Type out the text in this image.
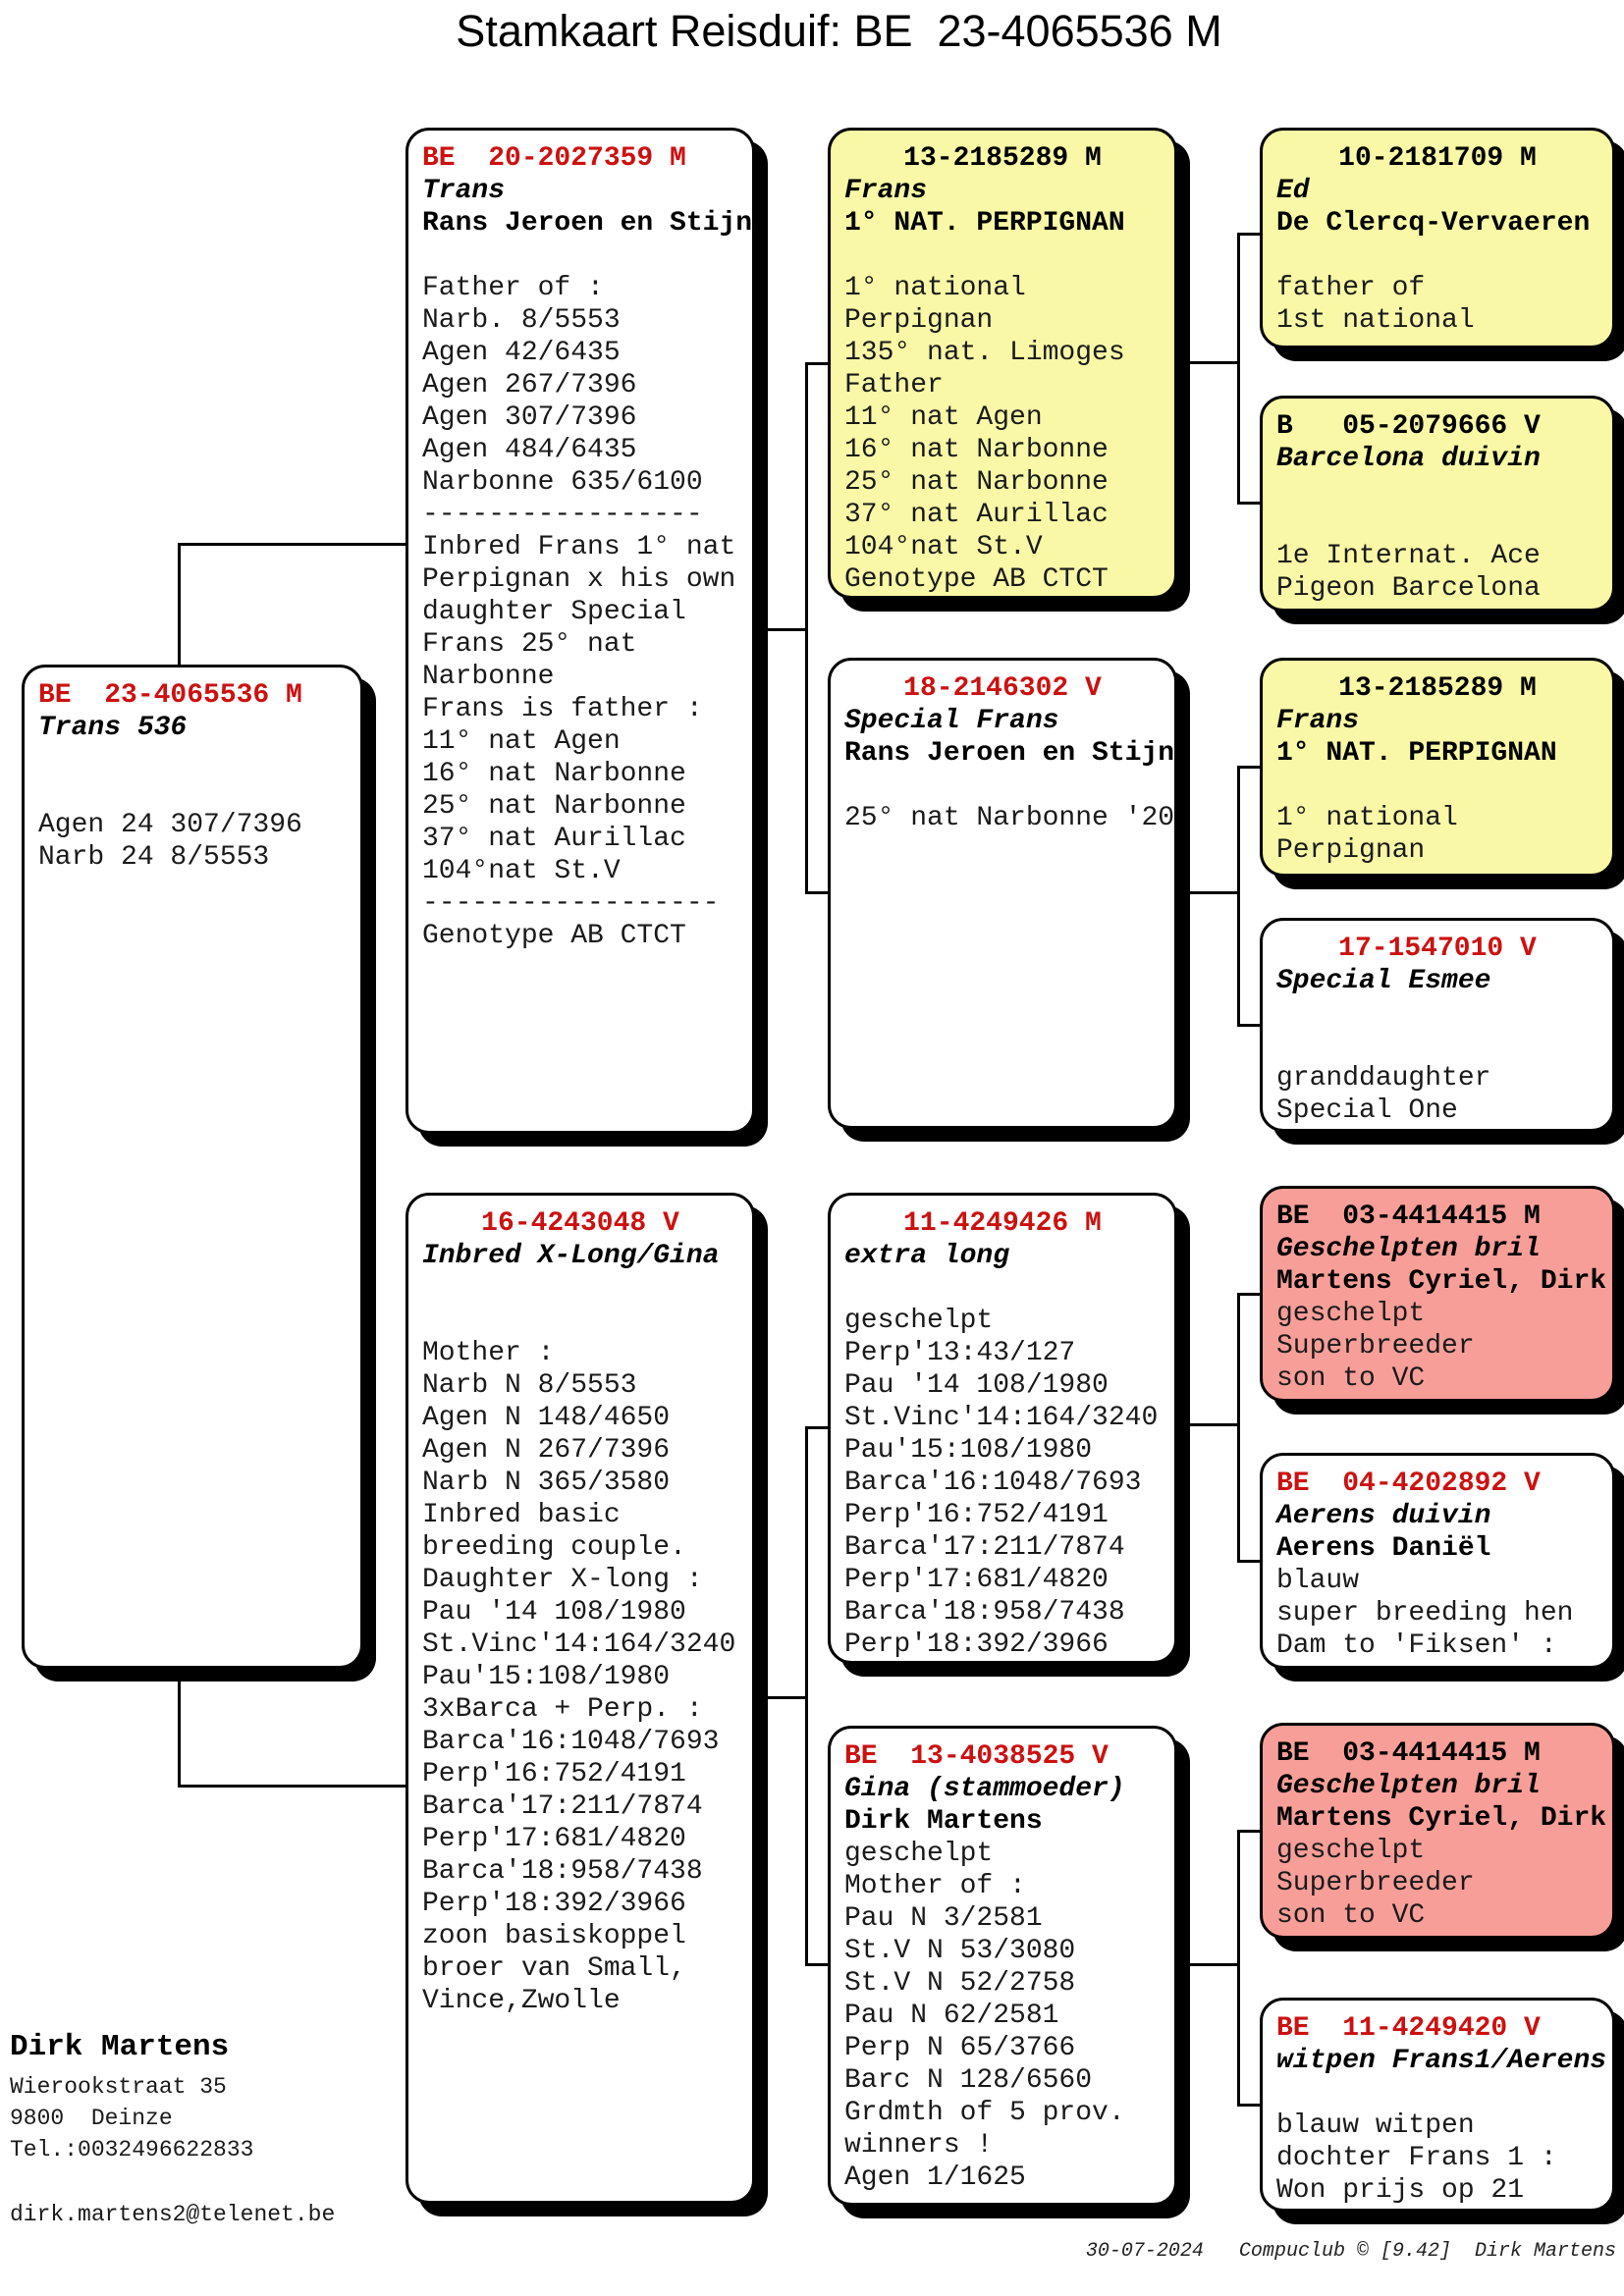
Stamkaart Reisduif: BE  23-4065536 M
BE  23-4065536 M
Trans 536
Agen 24 307/7396
Narb 24 8/5553
BE  20-2027359 M
Trans
Rans Jeroen en Stijn
Father of :
Narb. 8/5553
Agen 42/6435
Agen 267/7396
Agen 307/7396
Agen 484/6435
Narbonne 635/6100
-----------------
Inbred Frans 1° nat
Perpignan x his own
daughter Special
Frans 25° nat
Narbonne
Frans is father :
11° nat Agen
16° nat Narbonne
25° nat Narbonne
37° nat Aurillac
104°nat St.V
------------------
Genotype AB CTCT
16-4243048 V
Inbred X-Long/Gina
Mother :
Narb N 8/5553
Agen N 148/4650
Agen N 267/7396
Narb N 365/3580
Inbred basic
breeding couple.
Daughter X-long :
Pau '14 108/1980
St.Vinc'14:164/3240
Pau'15:108/1980
3xBarca + Perp. :
Barca'16:1048/7693
Perp'16:752/4191
Barca'17:211/7874
Perp'17:681/4820
Barca'18:958/7438
Perp'18:392/3966
zoon basiskoppel
broer van Small,
Vince,Zwolle
13-2185289 M
Frans
1° NAT. PERPIGNAN
1° national
Perpignan
135° nat. Limoges
Father
11° nat Agen
16° nat Narbonne
25° nat Narbonne
37° nat Aurillac
104°nat St.V
Genotype AB CTCT
18-2146302 V
Special Frans
Rans Jeroen en Stijn
25° nat Narbonne '20
11-4249426 M
extra long
geschelpt
Perp'13:43/127
Pau '14 108/1980
St.Vinc'14:164/3240
Pau'15:108/1980
Barca'16:1048/7693
Perp'16:752/4191
Barca'17:211/7874
Perp'17:681/4820
Barca'18:958/7438
Perp'18:392/3966
BE  13-4038525 V
Gina (stammoeder)
Dirk Martens
geschelpt
Mother of :
Pau N 3/2581
St.V N 53/3080
St.V N 52/2758
Pau N 62/2581
Perp N 65/3766
Barc N 128/6560
Grdmth of 5 prov.
winners !
Agen 1/1625
10-2181709 M
Ed
De Clercq-Vervaeren
father of
1st national
B   05-2079666 V
Barcelona duivin
1e Internat. Ace
Pigeon Barcelona
13-2185289 M
Frans
1° NAT. PERPIGNAN
1° national
Perpignan
17-1547010 V
Special Esmee
granddaughter
Special One
BE  03-4414415 M
Geschelpten bril
Martens Cyriel, Dirk
geschelpt
Superbreeder
son to VC
BE  04-4202892 V
Aerens duivin
Aerens Daniël
blauw
super breeding hen
Dam to 'Fiksen' :
BE  03-4414415 M
Geschelpten bril
Martens Cyriel, Dirk
geschelpt
Superbreeder
son to VC
BE  11-4249420 V
witpen Frans1/Aerens
blauw witpen
dochter Frans 1 :
Won prijs op 21
Dirk Martens
Wierookstraat 35
9800  Deinze
Tel.:0032496622833
dirk.martens2@telenet.be
30-07-2024   Compuclub © [9.42]  Dirk Martens
